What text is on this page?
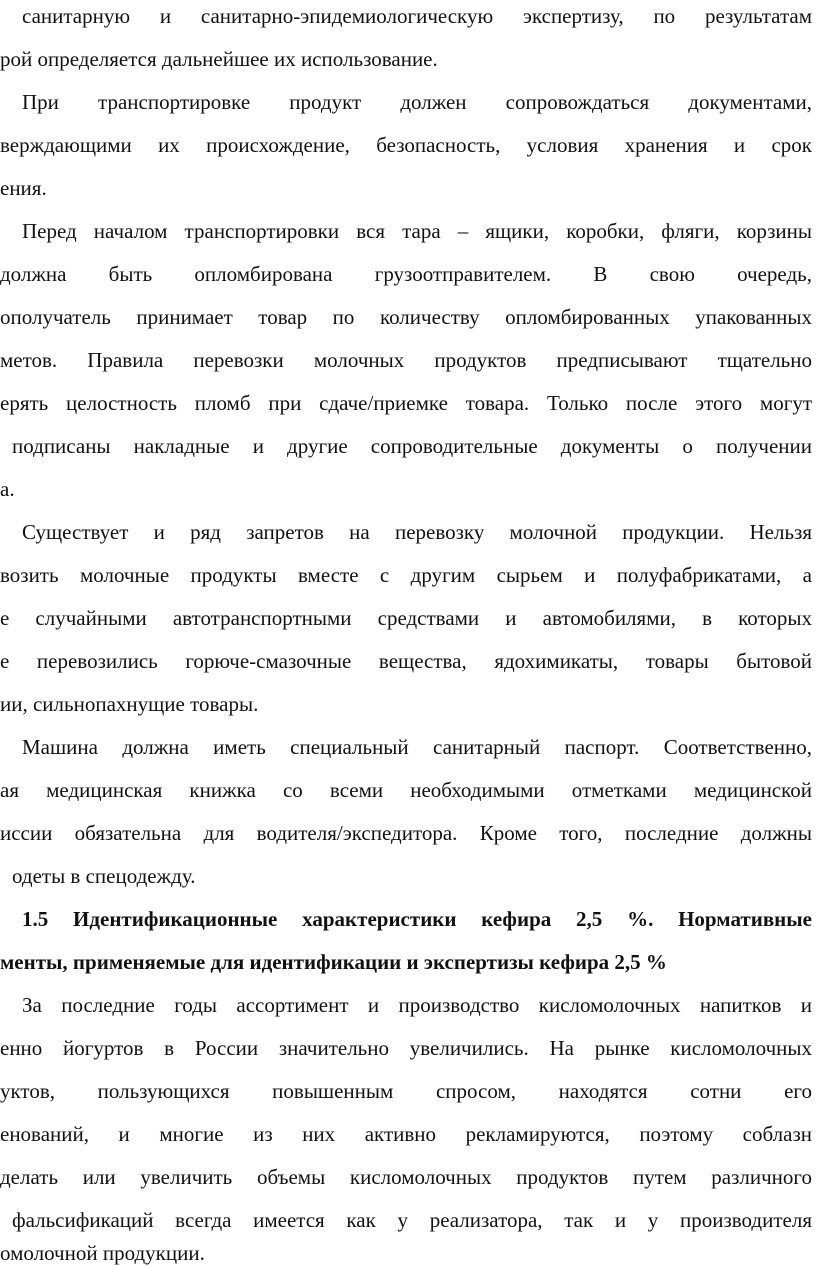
санитарную и санитарно-эпидемиологическую экспертизу, по результатам
рой определяется дальнейшее их использование.
При транспортировке продукт должен сопровождаться документами,
верждающими их происхождение, безопасность, условия хранения и срок
ения.
Перед началом транспортировки вся тара – ящики, коробки, фляги, корзины
должна быть опломбирована грузоотправителем. В свою очередь,
ополучатель принимает товар по количеству опломбированных упакованных
метов. Правила перевозки молочных продуктов предписывают тщательно
ерять целостность пломб при сдаче/приемке товара. Только после этого могут
подписаны накладные и другие сопроводительные документы о получении
а.
Существует и ряд запретов на перевозку молочной продукции. Нельзя
возить молочные продукты вместе с другим сырьем и полуфабрикатами, а
е случайными автотранспортными средствами и автомобилями, в которых
е перевозились горюче-смазочные вещества, ядохимикаты, товары бытовой
ии, сильнопахнущие товары.
Машина должна иметь специальный санитарный паспорт. Соответственно,
ая медицинская книжка со всеми необходимыми отметками медицинской
иссии обязательна для водителя/экспедитора. Кроме того, последние должны
одеты в спецодежду.
1.5 Идентификационные характеристики кефира 2,5 %. Нормативные
менты, применяемые для идентификации и экспертизы кефира 2,5 %
За последние годы ассортимент и производство кисломолочных напитков и
енно йогуртов в России значительно увеличились. На рынке кисломолочных
уктов, пользующихся повышенным спросом, находятся сотни его
енований, и многие из них активно рекламируются, поэтому соблазн
делать или увеличить объемы кисломолочных продуктов путем различного
фальсификаций всегда имеется как у реализатора, так и у производителя
омолочной продукции.
